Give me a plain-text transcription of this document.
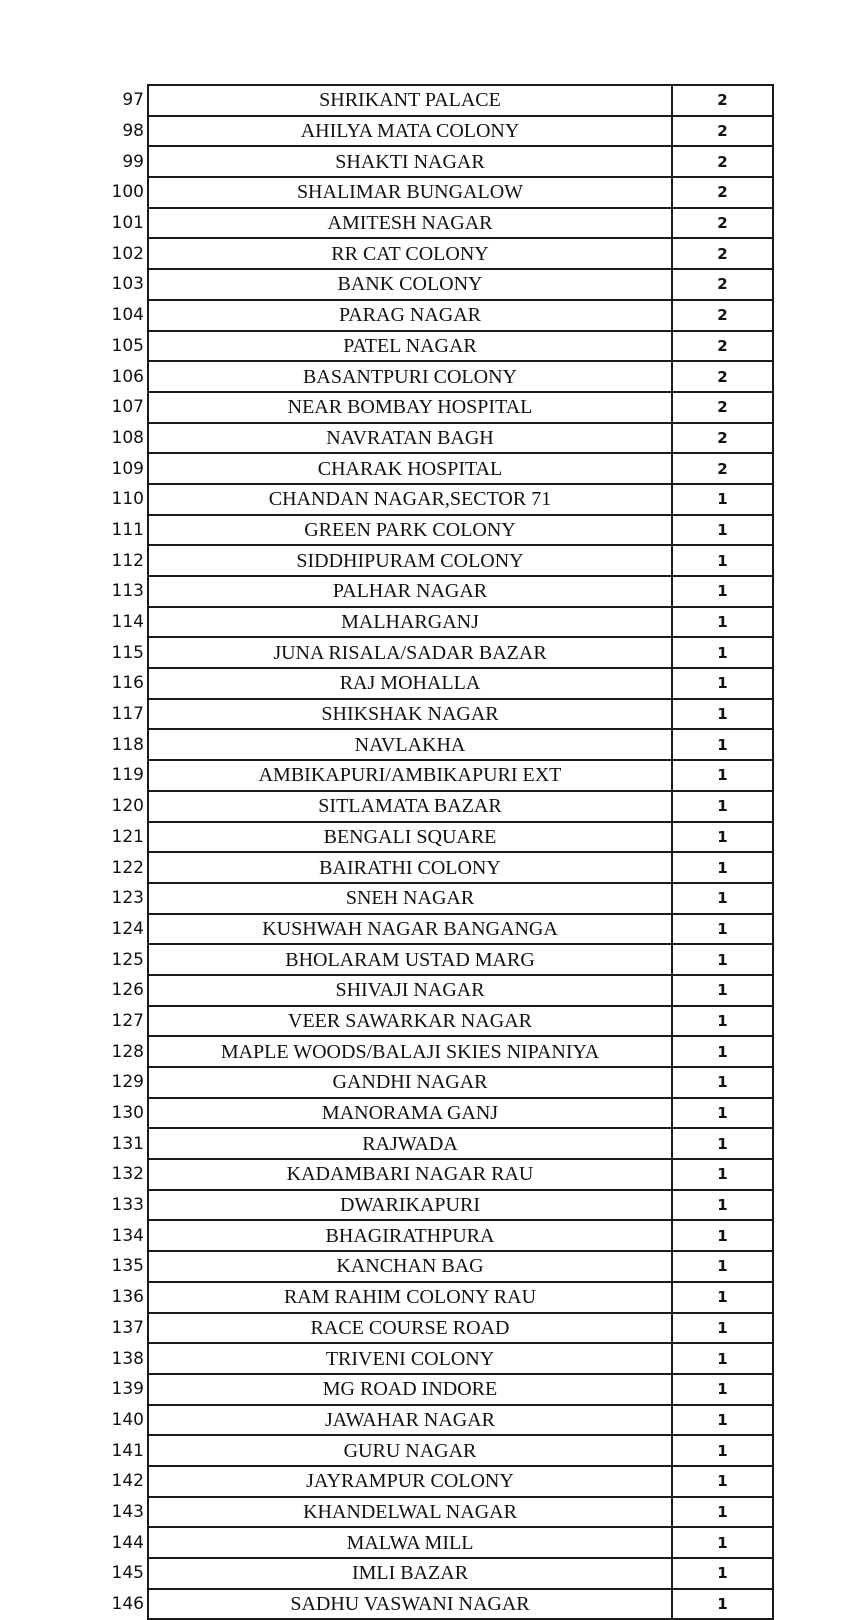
97	SHRIKANT PALACE	2
98	AHILYA MATA COLONY	2
99	SHAKTI NAGAR	2
100	SHALIMAR BUNGALOW	2
101	AMITESH NAGAR	2
102	RR CAT COLONY	2
103	BANK COLONY	2
104	PARAG NAGAR	2
105	PATEL NAGAR	2
106	BASANTPURI COLONY	2
107	NEAR BOMBAY HOSPITAL	2
108	NAVRATAN BAGH	2
109	CHARAK HOSPITAL	2
110	CHANDAN NAGAR,SECTOR 71	1
111	GREEN PARK COLONY	1
112	SIDDHIPURAM COLONY	1
113	PALHAR NAGAR	1
114	MALHARGANJ	1
115	JUNA RISALA/SADAR BAZAR	1
116	RAJ MOHALLA	1
117	SHIKSHAK NAGAR	1
118	NAVLAKHA	1
119	AMBIKAPURI/AMBIKAPURI EXT	1
120	SITLAMATA BAZAR	1
121	BENGALI SQUARE	1
122	BAIRATHI COLONY	1
123	SNEH NAGAR	1
124	KUSHWAH NAGAR BANGANGA	1
125	BHOLARAM USTAD MARG	1
126	SHIVAJI NAGAR	1
127	VEER SAWARKAR NAGAR	1
128	MAPLE WOODS/BALAJI SKIES NIPANIYA	1
129	GANDHI NAGAR	1
130	MANORAMA GANJ	1
131	RAJWADA	1
132	KADAMBARI NAGAR RAU	1
133	DWARIKAPURI	1
134	BHAGIRATHPURA	1
135	KANCHAN BAG	1
136	RAM RAHIM COLONY RAU	1
137	RACE COURSE ROAD	1
138	TRIVENI COLONY	1
139	MG ROAD INDORE	1
140	JAWAHAR NAGAR	1
141	GURU NAGAR	1
142	JAYRAMPUR COLONY	1
143	KHANDELWAL NAGAR	1
144	MALWA MILL	1
145	IMLI BAZAR	1
146	SADHU VASWANI NAGAR	1
